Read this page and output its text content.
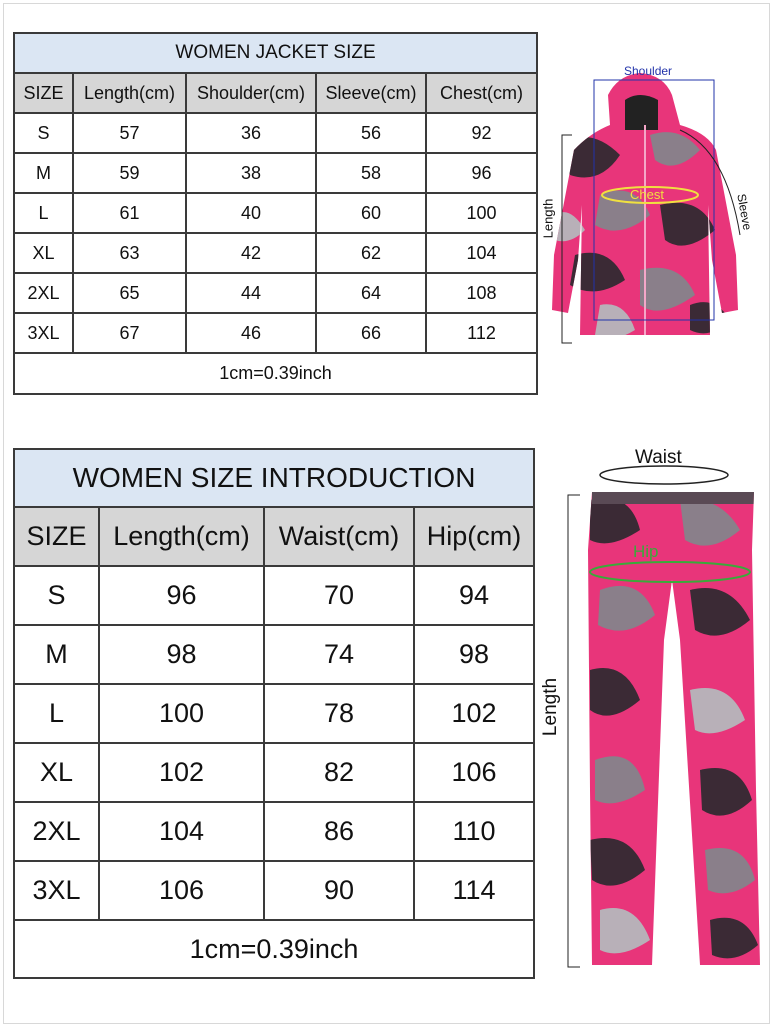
WOMEN JACKET SIZE				
SIZE	Length(cm)	Shoulder(cm)	Sleeve(cm)	Chest(cm)
S	57	36	56	92
M	59	38	58	96
L	61	40	60	100
XL	63	42	62	104
2XL	65	44	64	108
3XL	67	46	66	112
1cm=0.39inch				
Shoulder
Chest
Length	Sleeve
WOMEN SIZE INTRODUCTION			
SIZE	Length(cm)	Waist(cm)	Hip(cm)
S	96	70	94
M	98	74	98
L	100	78	102
XL	102	82	106
2XL	104	86	110
3XL	106	90	114
1cm=0.39inch			
Waist
Hip
Length
